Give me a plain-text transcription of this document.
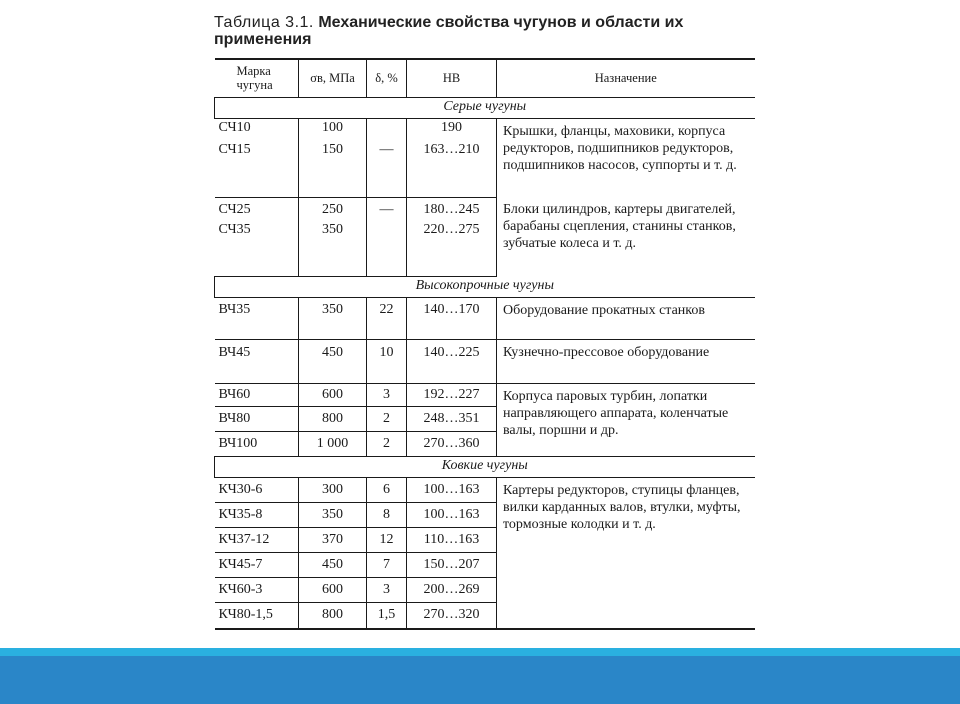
Таблица 3.1. Механические свойства чугунов и области их применения
Марка чугуна	σв, МПа	δ, %	HB	Назначение
Серые чугуны				
СЧ10	100		190	Крышки, фланцы, маховики, корпуса редукторов, подшипников редукторов, подшипников насосов, суппорты и т. д.
СЧ15	150	—	163…210	
СЧ25	250	—	180…245	Блоки цилиндров, картеры двигателей, барабаны сцепления, станины станков, зубчатые колеса и т. д.
СЧ35	350		220…275	
Высокопрочные чугуны				
ВЧ35	350	22	140…170	Оборудование прокатных станков
ВЧ45	450	10	140…225	Кузнечно-прессовое оборудование
ВЧ60	600	3	192…227	Корпуса паровых турбин, лопатки направляющего аппарата, коленчатые валы, поршни и др.
ВЧ80	800	2	248…351	
ВЧ100	1 000	2	270…360	
Ковкие чугуны				
КЧ30-6	300	6	100…163	Картеры редукторов, ступицы фланцев, вилки карданных валов, втулки, муфты, тормозные колодки и т. д.
КЧ35-8	350	8	100…163	
КЧ37-12	370	12	110…163	
КЧ45-7	450	7	150…207	
КЧ60-3	600	3	200…269	
КЧ80-1,5	800	1,5	270…320	
